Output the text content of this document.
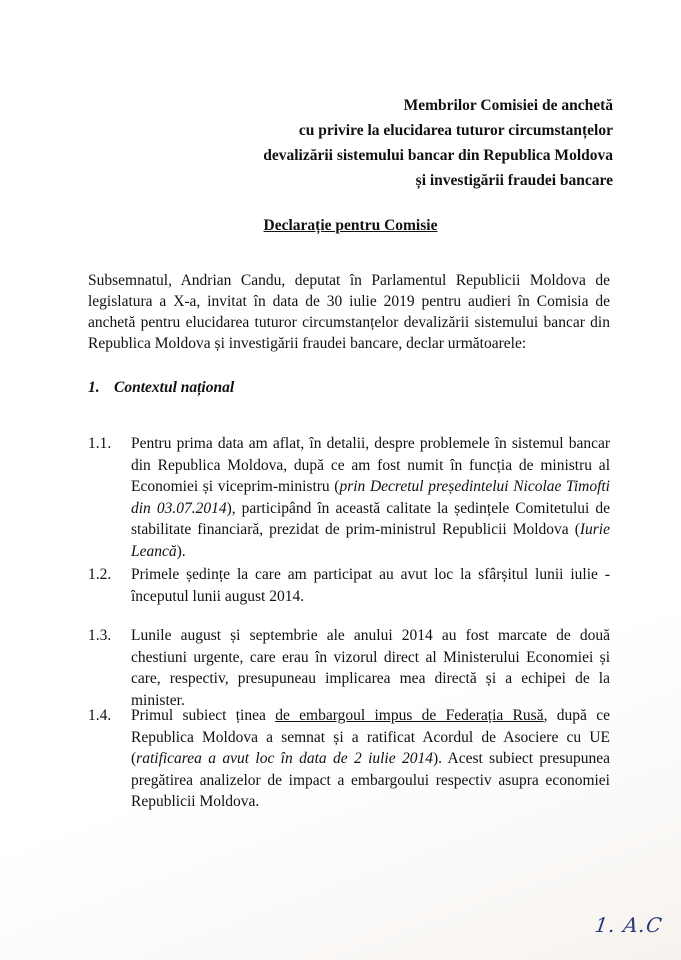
Membrilor Comisiei de anchetă
cu privire la elucidarea tuturor circumstanțelor
devalizării sistemului bancar din Republica Moldova
și investigării fraudei bancare
Declarație pentru Comisie
Subsemnatul, Andrian Candu, deputat în Parlamentul Republicii Moldova de legislatura a X-a, invitat în data de 30 iulie 2019 pentru audieri în Comisia de anchetă pentru elucidarea tuturor circumstanțelor devalizării sistemului bancar din Republica Moldova și investigării fraudei bancare, declar următoarele:
1. Contextul național
1.1.	Pentru prima data am aflat, în detalii, despre problemele în sistemul bancar din Republica Moldova, după ce am fost numit în funcția de ministru al Economiei și viceprim-ministru (prin Decretul președintelui Nicolae Timofti din 03.07.2014), participând în această calitate la ședințele Comitetului de stabilitate financiară, prezidat de prim-ministrul Republicii Moldova (Iurie Leancă).
1.2.	Primele ședințe la care am participat au avut loc la sfârșitul lunii iulie - începutul lunii august 2014.
1.3.	Lunile august și septembrie ale anului 2014 au fost marcate de două chestiuni urgente, care erau în vizorul direct al Ministerului Economiei și care, respectiv, presupuneau implicarea mea directă și a echipei de la minister.
1.4.	Primul subiect ținea de embargoul impus de Federația Rusă, după ce Republica Moldova a semnat și a ratificat Acordul de Asociere cu UE (ratificarea a avut loc în data de 2 iulie 2014). Acest subiect presupunea pregătirea analizelor de impact a embargoului respectiv asupra economiei Republicii Moldova.
1. A.C
